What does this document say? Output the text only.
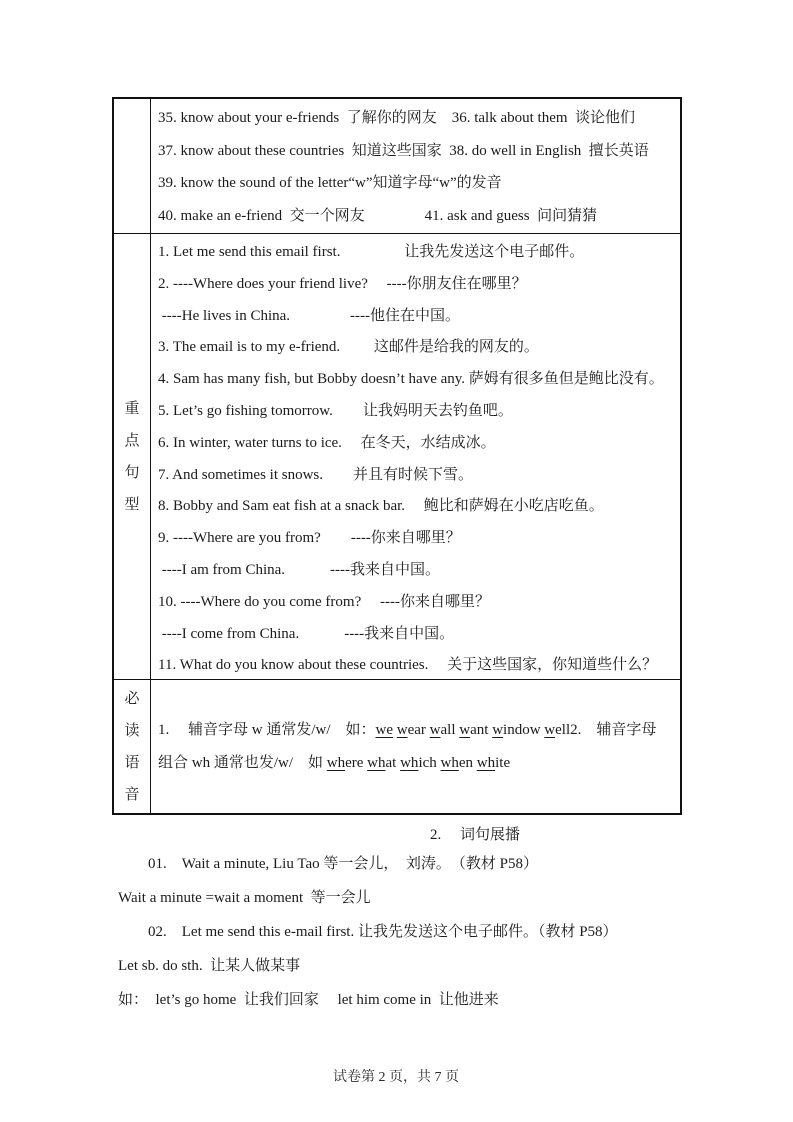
35. know about your e-friends  了解你的网友　36. talk about them  谈论他们
37. know about these countries  知道这些国家  38. do well in English  擅长英语
39. know the sound of the letter“w”知道字母“w”的发音
40. make an e-friend  交一个网友　　　　41. ask and guess  问问猜猜
重
点
句
型
1. Let me send this email first.　　　　 让我先发送这个电子邮件。
2. ----Where does your friend live?　 ----你朋友住在哪里？
----He lives in China.　　　　----他住在中国。
3. The email is to my e-friend.　　 这邮件是给我的网友的。
4. Sam has many fish, but Bobby doesn’t have any. 萨姆有很多鱼但是鲍比没有。
5. Let’s go fishing tomorrow.　　让我妈明天去钓鱼吧。
6. In winter, water turns to ice.　 在冬天，水结成冰。
7. And sometimes it snows.　　并且有时候下雪。
8. Bobby and Sam eat fish at a snack bar.　 鲍比和萨姆在小吃店吃鱼。
9. ----Where are you from?　　----你来自哪里？
----I am from China.　　　----我来自中国。
10. ----Where do you come from?　 ----你来自哪里？
----I come from China.　　　----我来自中国。
11. What do you know about these countries.　 关于这些国家，你知道些什么？
必
读
语
音
1.　 辅音字母 w 通常发/w/　如：we wear wall want window well2.　辅音字母组合 wh 通常也发/w/　如 where what which when white
2.　 词句展播
　　01.　Wait a minute, Liu Tao 等一会儿，　刘涛。　（教材 P58）
Wait a minute =wait a moment  等一会儿
　　02.　Let me send this e-mail first. 让我先发送这个电子邮件。（教材 P58）
Let sb. do sth.  让某人做某事
如：　let’s go home  让我们回家　 let him come in  让他进来
试卷第 2 页，共 7 页
